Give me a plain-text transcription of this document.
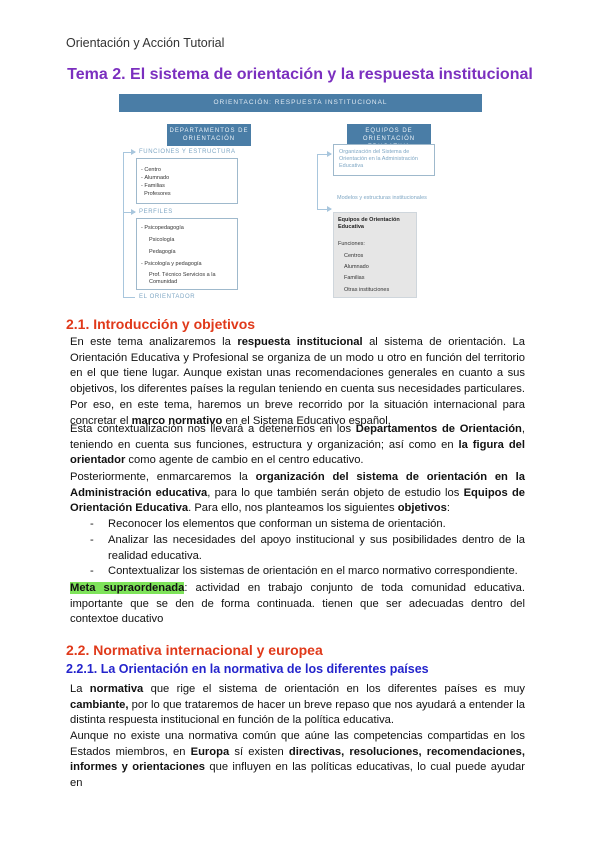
Orientación y Acción Tutorial
Tema 2. El sistema de orientación y la respuesta institucional
ORIENTACIÓN: RESPUESTA INSTITUCIONAL
DEPARTAMENTOS DE ORIENTACIÓN
EQUIPOS DE ORIENTACIÓN
FUNCIONES Y ESTRUCTURA
- Centro
- Alumnado
- Familias
Profesores
PERFILES
- Psicopedagogía
Psicología
Pedagogía
- Psicología y pedagogía
Prof. Técnico Servicios a la Comunidad
EL ORIENTADOR
Organización del Sistema de Orientación en la Administración Educativa
Modelos y estructuras institucionales
Equipos de Orientación Educativa
Funciones:
Centros
Alumnado
Familias
Otras instituciones
2.1. Introducción y objetivos
En este tema analizaremos la respuesta institucional al sistema de orientación. La Orientación Educativa y Profesional se organiza de un modo u otro en función del territorio en el que tiene lugar. Aunque existan unas recomendaciones generales en cuanto a sus objetivos, los diferentes países la regulan teniendo en cuenta sus necesidades particulares. Por eso, en este tema, haremos un breve recorrido por la situación internacional para concretar el marco normativo en el Sistema Educativo español.
Esta contextualización nos llevará a detenernos en los Departamentos de Orientación, teniendo en cuenta sus funciones, estructura y organización; así como en la figura del orientador como agente de cambio en el centro educativo.
Posteriormente, enmarcaremos la organización del sistema de orientación en la Administración educativa, para lo que también serán objeto de estudio los Equipos de Orientación Educativa. Para ello, nos planteamos los siguientes objetivos:
- Reconocer los elementos que conforman un sistema de orientación.
- Analizar las necesidades del apoyo institucional y sus posibilidades dentro de la realidad educativa.
- Contextualizar los sistemas de orientación en el marco normativo correspondiente.
Meta supraordenada: actividad en trabajo conjunto de toda comunidad educativa. importante que se den de forma continuada. tienen que ser adecuadas dentro del contextoe ducativo
2.2. Normativa internacional y europea
2.2.1. La Orientación en la normativa de los diferentes países
La normativa que rige el sistema de orientación en los diferentes países es muy cambiante, por lo que trataremos de hacer un breve repaso que nos ayudará a entender la distinta respuesta institucional en función de la política educativa.
Aunque no existe una normativa común que aúne las competencias compartidas en los Estados miembros, en Europa sí existen directivas, resoluciones, recomendaciones, informes y orientaciones que influyen en las políticas educativas, lo cual puede ayudar en
